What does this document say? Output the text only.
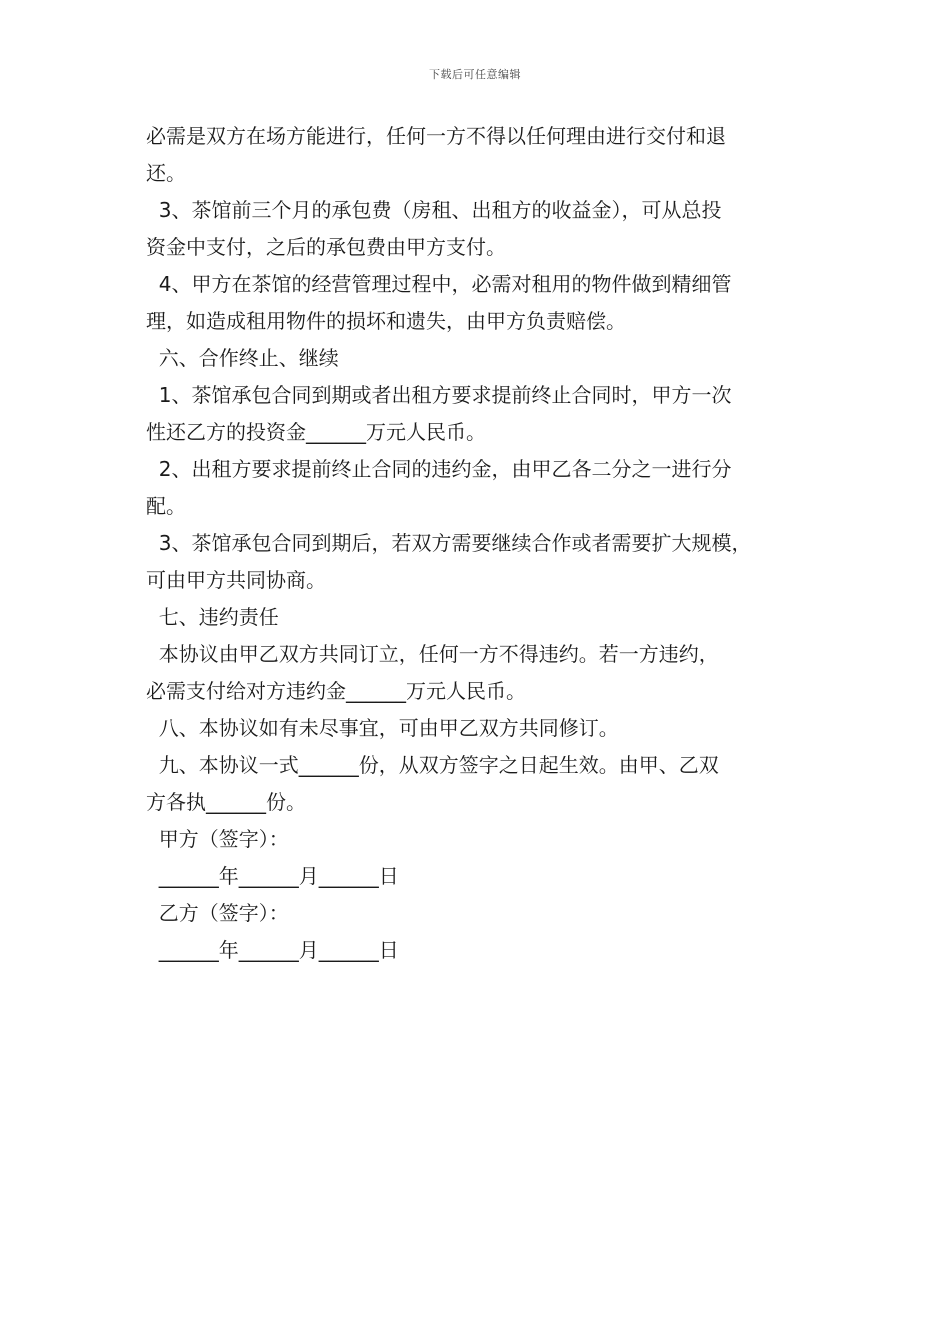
下载后可任意编辑

必需是双方在场方能进行，任何一方不得以任何理由进行交付和退

还。

3、茶馆前三个月的承包费（房租、出租方的收益金），可从总投

资金中支付，之后的承包费由甲方支付。

4、甲方在茶馆的经营管理过程中，必需对租用的物件做到精细管

理，如造成租用物件的损坏和遗失，由甲方负责赔偿。

六、合作终止、继续

1、茶馆承包合同到期或者出租方要求提前终止合同时，甲方一次

性还乙方的投资金______万元人民币。

2、出租方要求提前终止合同的违约金，由甲乙各二分之一进行分

配。

3、茶馆承包合同到期后，若双方需要继续合作或者需要扩大规模，

可由甲方共同协商。

七、违约责任

本协议由甲乙双方共同订立，任何一方不得违约。若一方违约，

必需支付给对方违约金______万元人民币。

八、本协议如有未尽事宜，可由甲乙双方共同修订。

九、本协议一式______份，从双方签字之日起生效。由甲、乙双

方各执______份。

甲方（签字）：

______年______月______日

乙方（签字）：

______年______月______日
